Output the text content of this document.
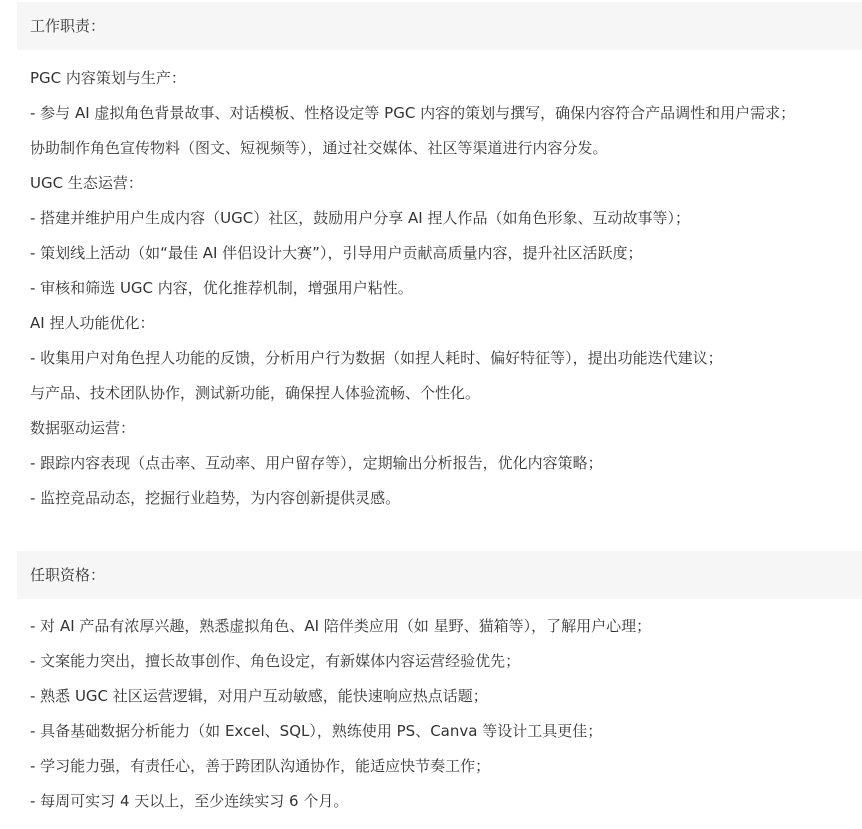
工作职责：
PGC 内容策划与生产：
- 参与 AI 虚拟角色背景故事、对话模板、性格设定等 PGC 内容的策划与撰写，确保内容符合产品调性和用户需求；
协助制作角色宣传物料（图文、短视频等），通过社交媒体、社区等渠道进行内容分发。
UGC 生态运营：
- 搭建并维护用户生成内容（UGC）社区，鼓励用户分享 AI 捏人作品（如角色形象、互动故事等）；
- 策划线上活动（如“最佳 AI 伴侣设计大赛”），引导用户贡献高质量内容，提升社区活跃度；
- 审核和筛选 UGC 内容，优化推荐机制，增强用户粘性。
AI 捏人功能优化：
- 收集用户对角色捏人功能的反馈，分析用户行为数据（如捏人耗时、偏好特征等），提出功能迭代建议；
与产品、技术团队协作，测试新功能，确保捏人体验流畅、个性化。
数据驱动运营：
- 跟踪内容表现（点击率、互动率、用户留存等），定期输出分析报告，优化内容策略；
- 监控竞品动态，挖掘行业趋势，为内容创新提供灵感。
任职资格：
- 对 AI 产品有浓厚兴趣，熟悉虚拟角色、AI 陪伴类应用（如 星野、猫箱等），了解用户心理；
- 文案能力突出，擅长故事创作、角色设定，有新媒体内容运营经验优先；
- 熟悉 UGC 社区运营逻辑，对用户互动敏感，能快速响应热点话题；
- 具备基础数据分析能力（如 Excel、SQL），熟练使用 PS、Canva 等设计工具更佳；
- 学习能力强，有责任心，善于跨团队沟通协作，能适应快节奏工作；
- 每周可实习 4 天以上，至少连续实习 6 个月。
